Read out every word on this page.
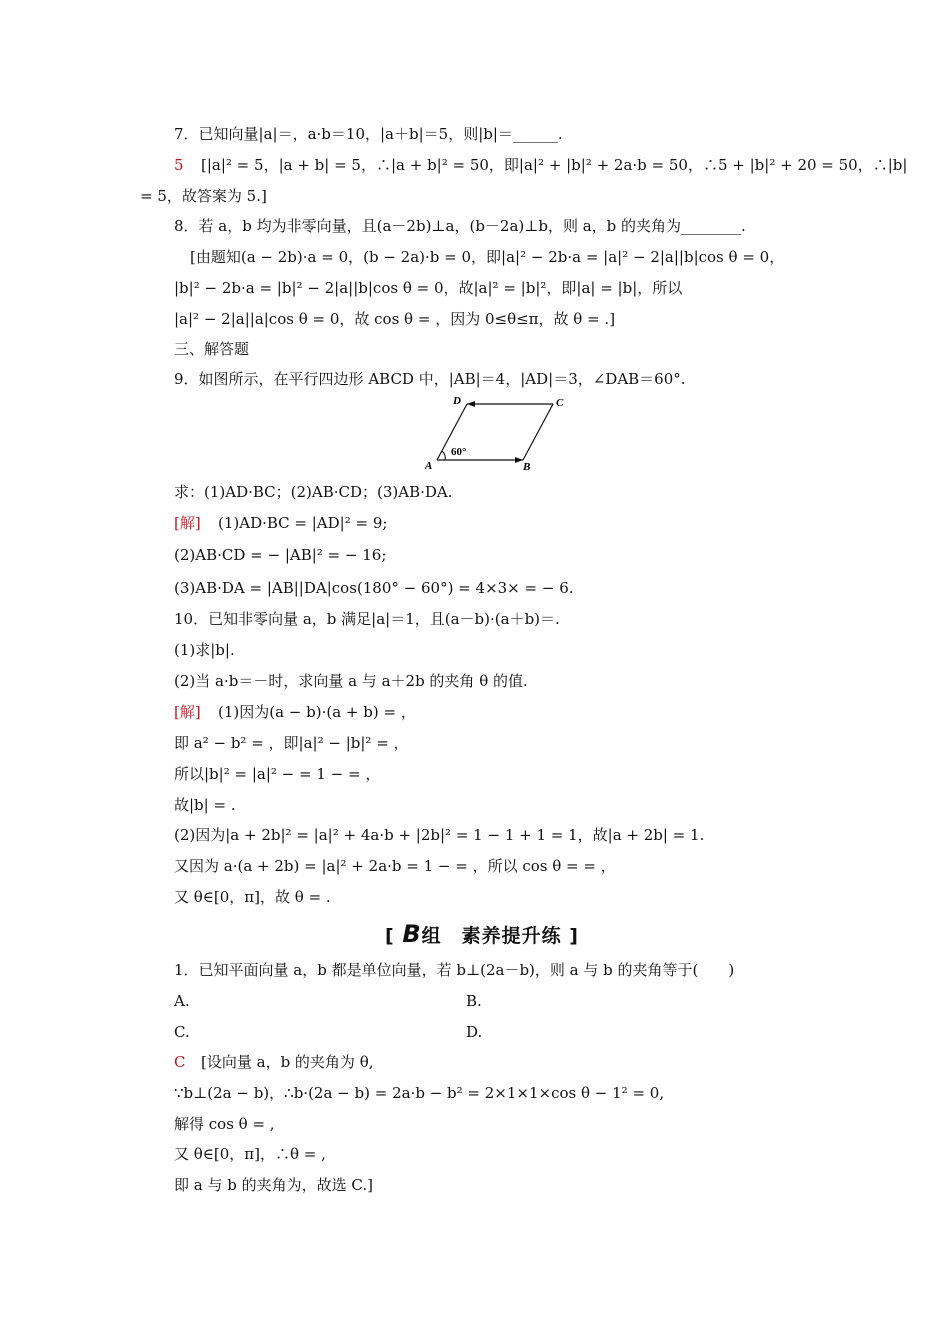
7．已知向量|a|＝，a·b＝10，|a＋b|＝5，则|b|＝______.
5 [|a|² = 5，|a + b| = 5，∴|a + b|² = 50，即|a|² + |b|² + 2a·b = 50，∴5 + |b|² + 20 = 50，∴|b|
= 5，故答案为 5.]
8．若 a，b 均为非零向量，且(a－2b)⊥a，(b－2a)⊥b，则 a，b 的夹角为________.
[由题知(a − 2b)·a = 0，(b − 2a)·b = 0，即|a|² − 2b·a = |a|² − 2|a||b|cos θ = 0，
|b|² − 2b·a = |b|² − 2|a||b|cos θ = 0，故|a|² = |b|²，即|a| = |b|，所以
|a|² − 2|a||a|cos θ = 0，故 cos θ = ，因为 0≤θ≤π，故 θ = .]
三、解答题
9．如图所示，在平行四边形 ABCD 中，|AB|＝4，|AD|＝3，∠DAB＝60°.
求：(1)AD·BC；(2)AB·CD；(3)AB·DA.
[解] (1)AD·BC = |AD|² = 9;
(2)AB·CD = − |AB|² = − 16;
(3)AB·DA = |AB||DA|cos(180° − 60°) = 4×3× = − 6.
10．已知非零向量 a，b 满足|a|＝1，且(a－b)·(a＋b)＝.
(1)求|b|.
(2)当 a·b＝－时，求向量 a 与 a＋2b 的夹角 θ 的值.
[解] (1)因为(a − b)·(a + b) = ，
即 a² − b² = ，即|a|² − |b|² = ，
所以|b|² = |a|² − = 1 − = ，
故|b| = .
(2)因为|a + 2b|² = |a|² + 4a·b + |2b|² = 1 − 1 + 1 = 1，故|a + 2b| = 1.
又因为 a·(a + 2b) = |a|² + 2a·b = 1 − = ，所以 cos θ = = ，
又 θ∈[0，π]，故 θ = .
1．已知平面向量 a，b 都是单位向量，若 b⊥(2a－b)，则 a 与 b 的夹角等于(　　)
A.	B.
C.	D.
C [设向量 a，b 的夹角为 θ,
∵b⊥(2a − b)，∴b·(2a − b) = 2a·b − b² = 2×1×1×cos θ − 1² = 0,
解得 cos θ = ,
又 θ∈[0，π]，∴θ = ,
即 a 与 b 的夹角为，故选 C.]
[ B组　素养提升练 ]
D	C
A	B
60°
